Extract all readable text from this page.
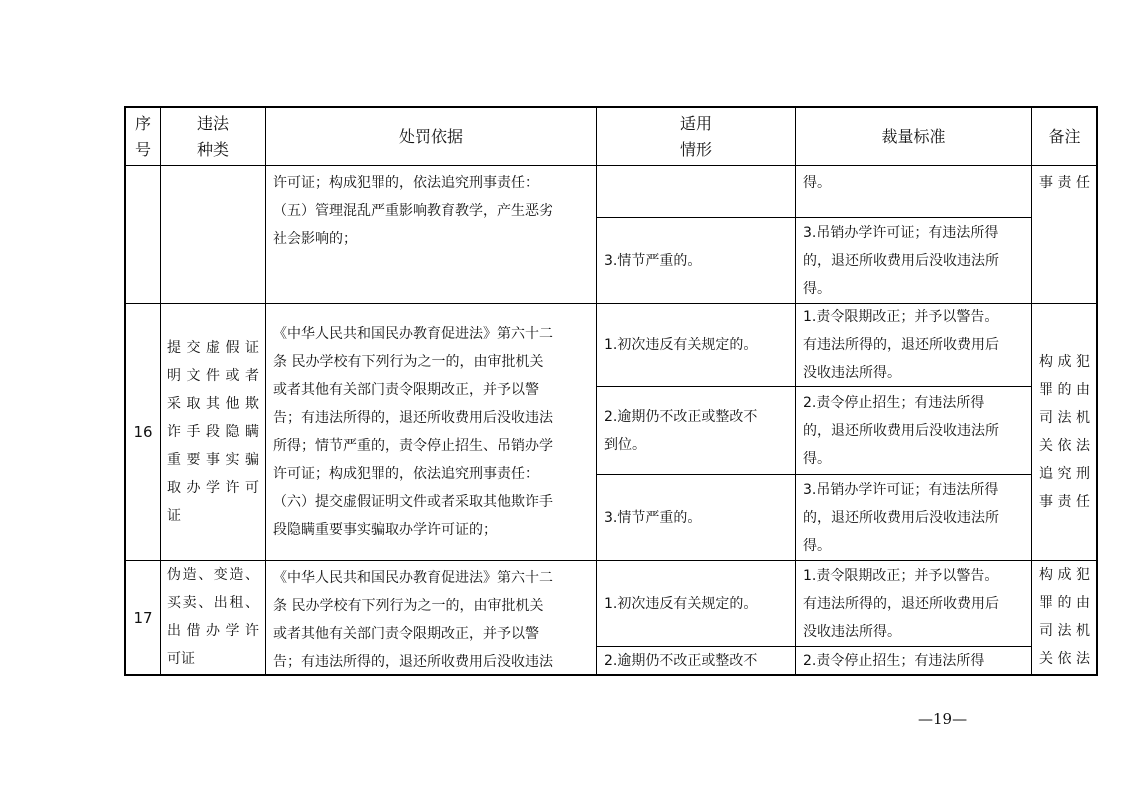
序
号
违法
种类
处罚依据
适用
情形
裁量标准	备注
许可证；构成犯罪的，依法追究刑事责任：
（五）管理混乱严重影响教育教学，产生恶劣
社会影响的；
得。
3.情节严重的。
3.吊销办学许可证；有违法所得
的，退还所收费用后没收违法所
得。
事责任
16
提交虚假证
明文件或者
采取其他欺
诈手段隐瞒
重要事实骗
取办学许可
证
《中华人民共和国民办教育促进法》第六十二
条 民办学校有下列行为之一的，由审批机关
或者其他有关部门责令限期改正，并予以警
告；有违法所得的，退还所收费用后没收违法
所得；情节严重的，责令停止招生、吊销办学
许可证；构成犯罪的，依法追究刑事责任：
（六）提交虚假证明文件或者采取其他欺诈手
段隐瞒重要事实骗取办学许可证的；
1.初次违反有关规定的。
1.责令限期改正；并予以警告。
有违法所得的，退还所收费用后
没收违法所得。
2.逾期仍不改正或整改不
到位。
2.责令停止招生；有违法所得
的，退还所收费用后没收违法所
得。
3.情节严重的。
3.吊销办学许可证；有违法所得
的，退还所收费用后没收违法所
得。
构成犯
罪的由
司法机
关依法
追究刑
事责任
17
伪造、变造、
买卖、出租、
出借办学许
可证
《中华人民共和国民办教育促进法》第六十二
条 民办学校有下列行为之一的，由审批机关
或者其他有关部门责令限期改正，并予以警
告；有违法所得的，退还所收费用后没收违法
1.初次违反有关规定的。
1.责令限期改正；并予以警告。
有违法所得的，退还所收费用后
没收违法所得。
2.逾期仍不改正或整改不	2.责令停止招生；有违法所得
构成犯
罪的由
司法机
关依法
—19—
